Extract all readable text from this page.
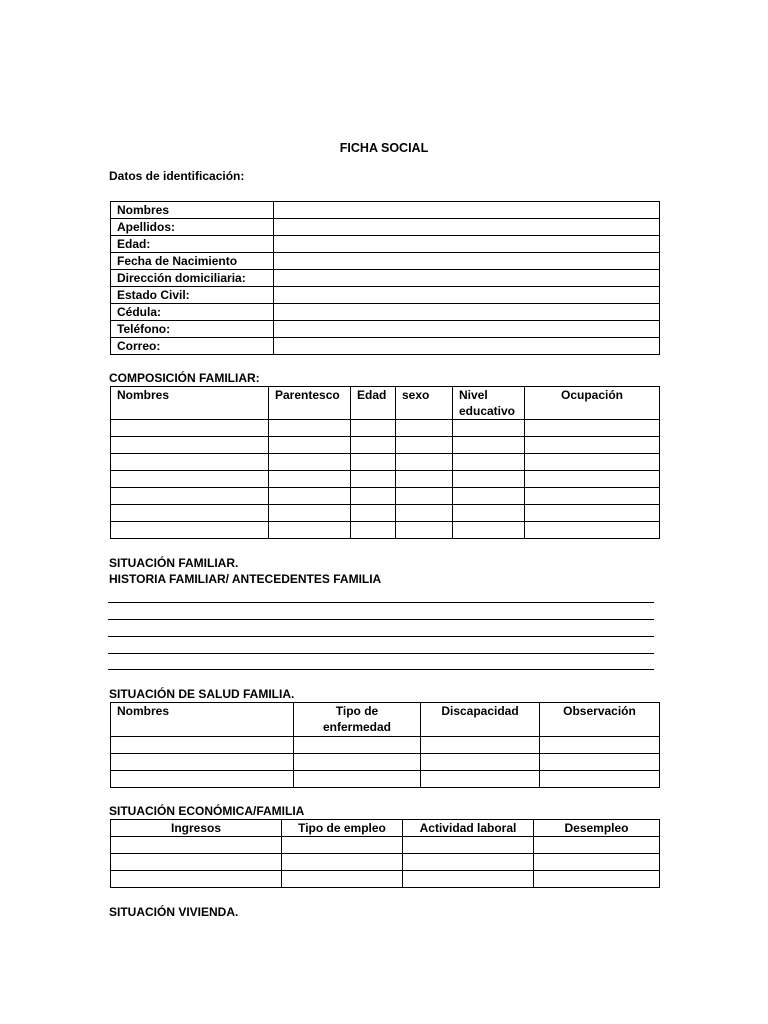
FICHA SOCIAL
Datos de identificación:
Nombres	
Apellidos:	
Edad:	
Fecha de Nacimiento	
Dirección domiciliaria:	
Estado Civil:	
Cédula:	
Teléfono:	
Correo:	
COMPOSICIÓN FAMILIAR:
Nombres	Parentesco	Edad	sexo	Nivel educativo	Ocupación

SITUACIÓN FAMILIAR.
HISTORIA FAMILIAR/ ANTECEDENTES FAMILIA
SITUACIÓN DE SALUD FAMILIA.
Nombres	Tipo de enfermedad	Discapacidad	Observación

SITUACIÓN ECONÓMICA/FAMILIA
Ingresos	Tipo de empleo	Actividad laboral	Desempleo

SITUACIÓN VIVIENDA.
